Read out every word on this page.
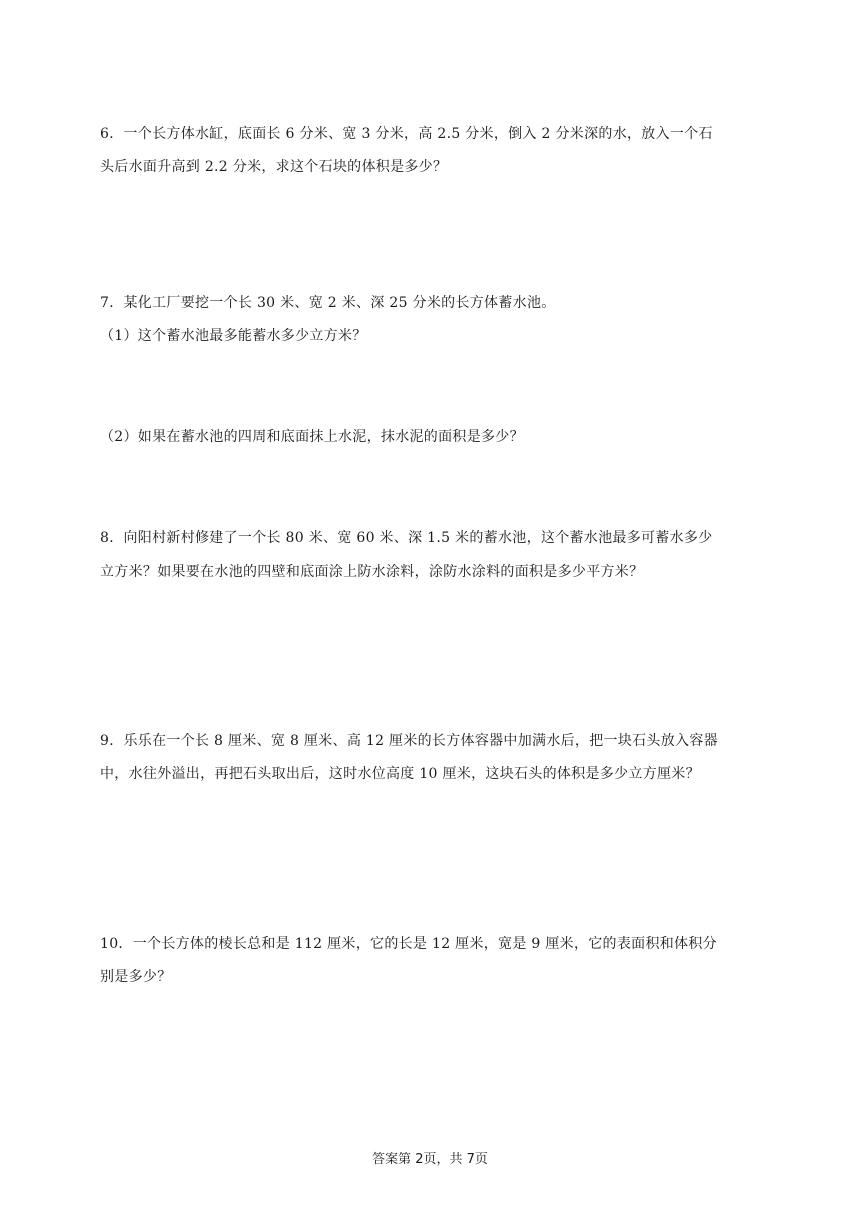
6．一个长方体水缸，底面长 6 分米、宽 3 分米，高 2.5 分米，倒入 2 分米深的水，放入一个石
头后水面升高到 2.2 分米，求这个石块的体积是多少？
7．某化工厂要挖一个长 30 米、宽 2 米、深 25 分米的长方体蓄水池。
（1）这个蓄水池最多能蓄水多少立方米？
（2）如果在蓄水池的四周和底面抹上水泥，抹水泥的面积是多少？
8．向阳村新村修建了一个长 80 米、宽 60 米、深 1.5 米的蓄水池，这个蓄水池最多可蓄水多少
立方米？如果要在水池的四壁和底面涂上防水涂料，涂防水涂料的面积是多少平方米？
9．乐乐在一个长 8 厘米、宽 8 厘米、高 12 厘米的长方体容器中加满水后，把一块石头放入容器
中，水往外溢出，再把石头取出后，这时水位高度 10 厘米，这块石头的体积是多少立方厘米？
10．一个长方体的棱长总和是 112 厘米，它的长是 12 厘米，宽是 9 厘米，它的表面积和体积分
别是多少？
答案第 2页，共 7页
